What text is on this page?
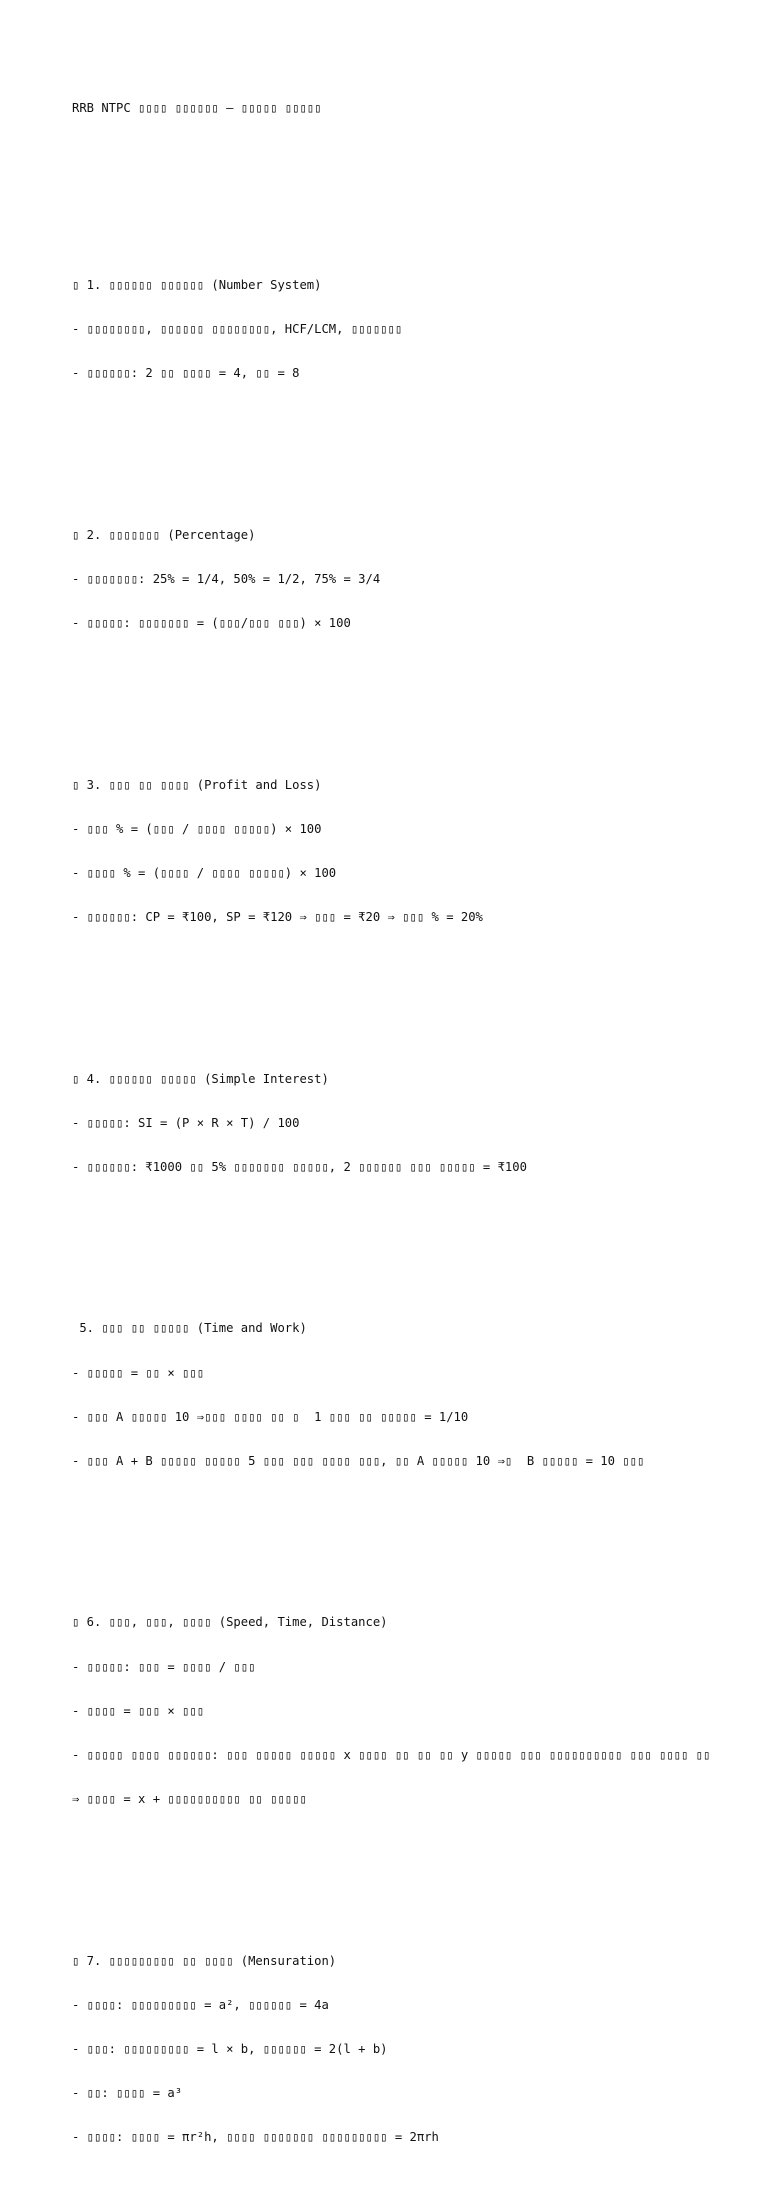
RRB NTPC ▯▯▯▯ ▯▯▯▯▯▯ – ▯▯▯▯▯ ▯▯▯▯▯

▯ 1. ▯▯▯▯▯▯ ▯▯▯▯▯▯ (Number System)

- ▯▯▯▯▯▯▯▯, ▯▯▯▯▯▯ ▯▯▯▯▯▯▯▯, HCF/LCM, ▯▯▯▯▯▯▯

- ▯▯▯▯▯▯: 2 ▯▯ ▯▯▯▯ = 4, ▯▯ = 8

▯ 2. ▯▯▯▯▯▯▯ (Percentage)

- ▯▯▯▯▯▯▯: 25% = 1/4, 50% = 1/2, 75% = 3/4

- ▯▯▯▯▯: ▯▯▯▯▯▯▯ = (▯▯▯/▯▯▯ ▯▯▯) × 100

▯ 3. ▯▯▯ ▯▯ ▯▯▯▯ (Profit and Loss)

- ▯▯▯ % = (▯▯▯ / ▯▯▯▯ ▯▯▯▯▯) × 100

- ▯▯▯▯ % = (▯▯▯▯ / ▯▯▯▯ ▯▯▯▯▯) × 100

- ▯▯▯▯▯▯: CP = ₹100, SP = ₹120 ⇒ ▯▯▯ = ₹20 ⇒ ▯▯▯ % = 20%

▯ 4. ▯▯▯▯▯▯ ▯▯▯▯▯ (Simple Interest)

- ▯▯▯▯▯: SI = (P × R × T) / 100

- ▯▯▯▯▯▯: ₹1000 ▯▯ 5% ▯▯▯▯▯▯▯ ▯▯▯▯▯, 2 ▯▯▯▯▯▯ ▯▯▯ ▯▯▯▯▯ = ₹100

5. ▯▯▯ ▯▯ ▯▯▯▯▯ (Time and Work)

- ▯▯▯▯▯ = ▯▯ × ▯▯▯

- ▯▯▯ A ▯▯▯▯▯ 10 ⇒▯▯▯ ▯▯▯▯ ▯▯ ▯  1 ▯▯▯ ▯▯ ▯▯▯▯▯ = 1/10

- ▯▯▯ A + B ▯▯▯▯▯ ▯▯▯▯▯ 5 ▯▯▯ ▯▯▯ ▯▯▯▯ ▯▯▯, ▯▯ A ▯▯▯▯▯ 10 ⇒▯  B ▯▯▯▯▯ = 10 ▯▯▯

▯ 6. ▯▯▯, ▯▯▯, ▯▯▯▯ (Speed, Time, Distance)

- ▯▯▯▯▯: ▯▯▯ = ▯▯▯▯ / ▯▯▯

- ▯▯▯▯ = ▯▯▯ × ▯▯▯

- ▯▯▯▯▯ ▯▯▯▯ ▯▯▯▯▯▯: ▯▯▯ ▯▯▯▯▯ ▯▯▯▯▯ x ▯▯▯▯ ▯▯ ▯▯ ▯▯ y ▯▯▯▯▯ ▯▯▯ ▯▯▯▯▯▯▯▯▯▯ ▯▯▯ ▯▯▯▯ ▯▯

⇒ ▯▯▯▯ = x + ▯▯▯▯▯▯▯▯▯▯ ▯▯ ▯▯▯▯▯

▯ 7. ▯▯▯▯▯▯▯▯▯ ▯▯ ▯▯▯▯ (Mensuration)

- ▯▯▯▯: ▯▯▯▯▯▯▯▯▯ = a², ▯▯▯▯▯▯ = 4a

- ▯▯▯: ▯▯▯▯▯▯▯▯▯ = l × b, ▯▯▯▯▯▯ = 2(l + b)

- ▯▯: ▯▯▯▯ = a³

- ▯▯▯▯: ▯▯▯▯ = πr²h, ▯▯▯▯ ▯▯▯▯▯▯▯ ▯▯▯▯▯▯▯▯▯ = 2πrh
